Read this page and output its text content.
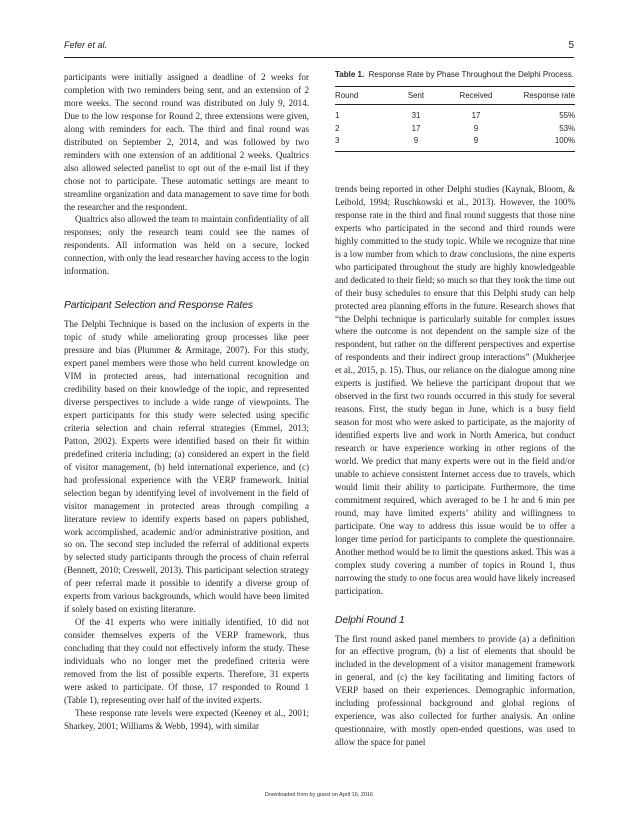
Fefer et al.	5

participants were initially assigned a deadline of 2 weeks for completion with two reminders being sent, and an extension of 2 more weeks. The second round was distributed on July 9, 2014. Due to the low response for Round 2, three extensions were given, along with reminders for each. The third and final round was distributed on September 2, 2014, and was followed by two reminders with one extension of an additional 2 weeks. Qualtrics also allowed selected panelist to opt out of the e-mail list if they chose not to participate. These automatic settings are meant to streamline organization and data management to save time for both the researcher and the respondent.

Qualtrics also allowed the team to maintain confidentiality of all responses; only the research team could see the names of respondents. All information was held on a secure, locked connection, with only the lead researcher having access to the login information.

Participant Selection and Response Rates

The Delphi Technique is based on the inclusion of experts in the topic of study while ameliorating group processes like peer pressure and bias (Plummer & Armitage, 2007). For this study, expert panel members were those who held current knowledge on VIM in protected areas, had international recognition and credibility based on their knowledge of the topic, and represented diverse perspectives to include a wide range of viewpoints. The expert participants for this study were selected using specific criteria selection and chain referral strategies (Emmel, 2013; Patton, 2002). Experts were identified based on their fit within predefined criteria including; (a) considered an expert in the field of visitor management, (b) held international experience, and (c) had professional experience with the VERP framework. Initial selection began by identifying level of involvement in the field of visitor management in protected areas through compiling a literature review to identify experts based on papers published, work accomplished, academic and/or administrative position, and so on. The second step included the referral of additional experts by selected study participants through the process of chain referral (Bennett, 2010; Creswell, 2013). This participant selection strategy of peer referral made it possible to identify a diverse group of experts from various backgrounds, which would have been limited if solely based on existing literature.

Of the 41 experts who were initially identified, 10 did not consider themselves experts of the VERP framework, thus concluding that they could not effectively inform the study. These individuals who no longer met the predefined criteria were removed from the list of possible experts. Therefore, 31 experts were asked to participate. Of those, 17 responded to Round 1 (Table 1), representing over half of the invited experts.

These response rate levels were expected (Keeney et al., 2001; Sharkey, 2001; Williams & Webb, 1994), with similar

Table 1. Response Rate by Phase Throughout the Delphi Process.
Round	Sent	Received	Response rate
1	31	17	55%
2	17	9	53%
3	9	9	100%

trends being reported in other Delphi studies (Kaynak, Bloom, & Leibold, 1994; Ruschkowski et al., 2013). However, the 100% response rate in the third and final round suggests that those nine experts who participated in the second and third rounds were highly committed to the study topic. While we recognize that nine is a low number from which to draw conclusions, the nine experts who participated throughout the study are highly knowledgeable and dedicated to their field; so much so that they took the time out of their busy schedules to ensure that this Delphi study can help protected area planning efforts in the future. Research shows that “the Delphi technique is particularly suitable for complex issues where the outcome is not dependent on the sample size of the respondent, but rather on the different perspectives and expertise of respondents and their indirect group interactions” (Mukherjee et al., 2015, p. 15). Thus, our reliance on the dialogue among nine experts is justified. We believe the participant dropout that we observed in the first two rounds occurred in this study for several reasons. First, the study began in June, which is a busy field season for most who were asked to participate, as the majority of identified experts live and work in North America, but conduct research or have experience working in other regions of the world. We predict that many experts were out in the field and/or unable to achieve consistent Internet access due to travels, which would limit their ability to participate. Furthermore, the time commitment required, which averaged to be 1 hr and 6 min per round, may have limited experts’ ability and willingness to participate. One way to address this issue would be to offer a longer time period for participants to complete the questionnaire. Another method would be to limit the questions asked. This was a complex study covering a number of topics in Round 1, thus narrowing the study to one focus area would have likely increased participation.

Delphi Round 1

The first round asked panel members to provide (a) a definition for an effective program, (b) a list of elements that should be included in the development of a visitor management framework in general, and (c) the key facilitating and limiting factors of VERP based on their experiences. Demographic information, including professional background and global regions of experience, was also collected for further analysis. An online questionnaire, with mostly open-ended questions, was used to allow the space for panel

Downloaded from by guest on April 16, 2016
